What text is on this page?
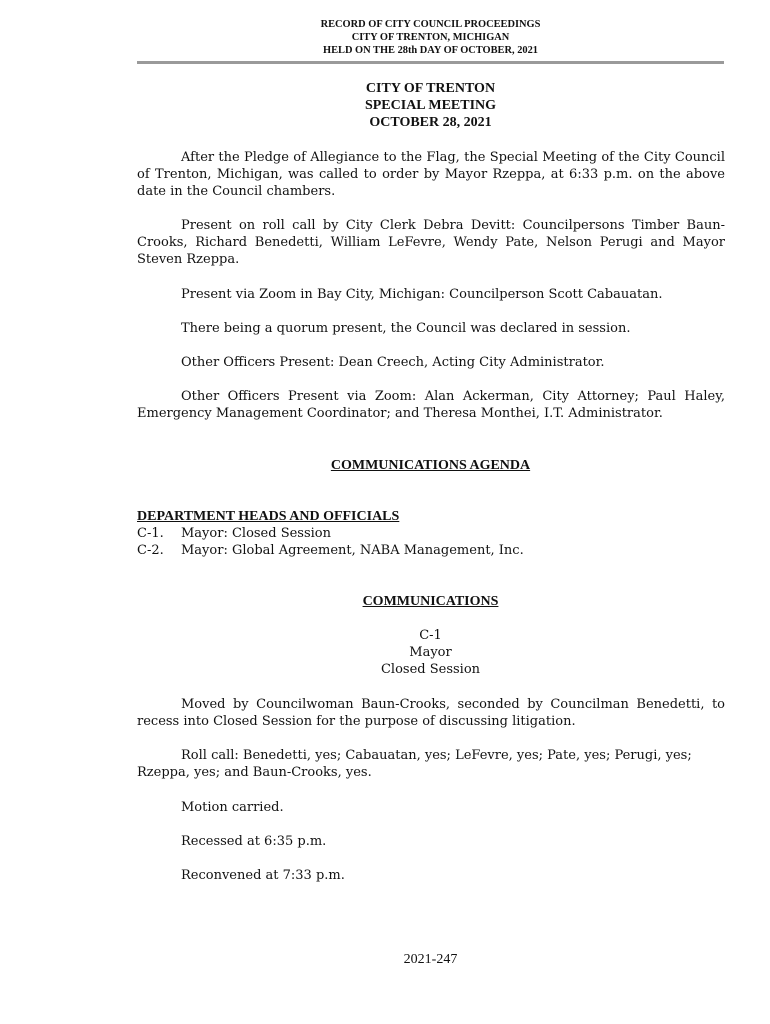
RECORD OF CITY COUNCIL PROCEEDINGS
CITY OF TRENTON, MICHIGAN
HELD ON THE 28th DAY OF OCTOBER, 2021
CITY OF TRENTON
SPECIAL MEETING
OCTOBER 28, 2021
After the Pledge of Allegiance to the Flag, the Special Meeting of the City Council of Trenton, Michigan, was called to order by Mayor Rzeppa, at 6:33 p.m. on the above date in the Council chambers.
Present on roll call by City Clerk Debra Devitt: Councilpersons Timber Baun-Crooks, Richard Benedetti, William LeFevre, Wendy Pate, Nelson Perugi and Mayor Steven Rzeppa.
Present via Zoom in Bay City, Michigan: Councilperson Scott Cabauatan.
There being a quorum present, the Council was declared in session.
Other Officers Present: Dean Creech, Acting City Administrator.
Other Officers Present via Zoom: Alan Ackerman, City Attorney; Paul Haley, Emergency Management Coordinator; and Theresa Monthei, I.T. Administrator.
COMMUNICATIONS AGENDA
DEPARTMENT HEADS AND OFFICIALS
C-1. Mayor: Closed Session
C-2. Mayor: Global Agreement, NABA Management, Inc.
COMMUNICATIONS
C-1
Mayor
Closed Session
Moved by Councilwoman Baun-Crooks, seconded by Councilman Benedetti, to recess into Closed Session for the purpose of discussing litigation.
Roll call: Benedetti, yes; Cabauatan, yes; LeFevre, yes; Pate, yes; Perugi, yes; Rzeppa, yes; and Baun-Crooks, yes.
Motion carried.
Recessed at 6:35 p.m.
Reconvened at 7:33 p.m.
2021-247
